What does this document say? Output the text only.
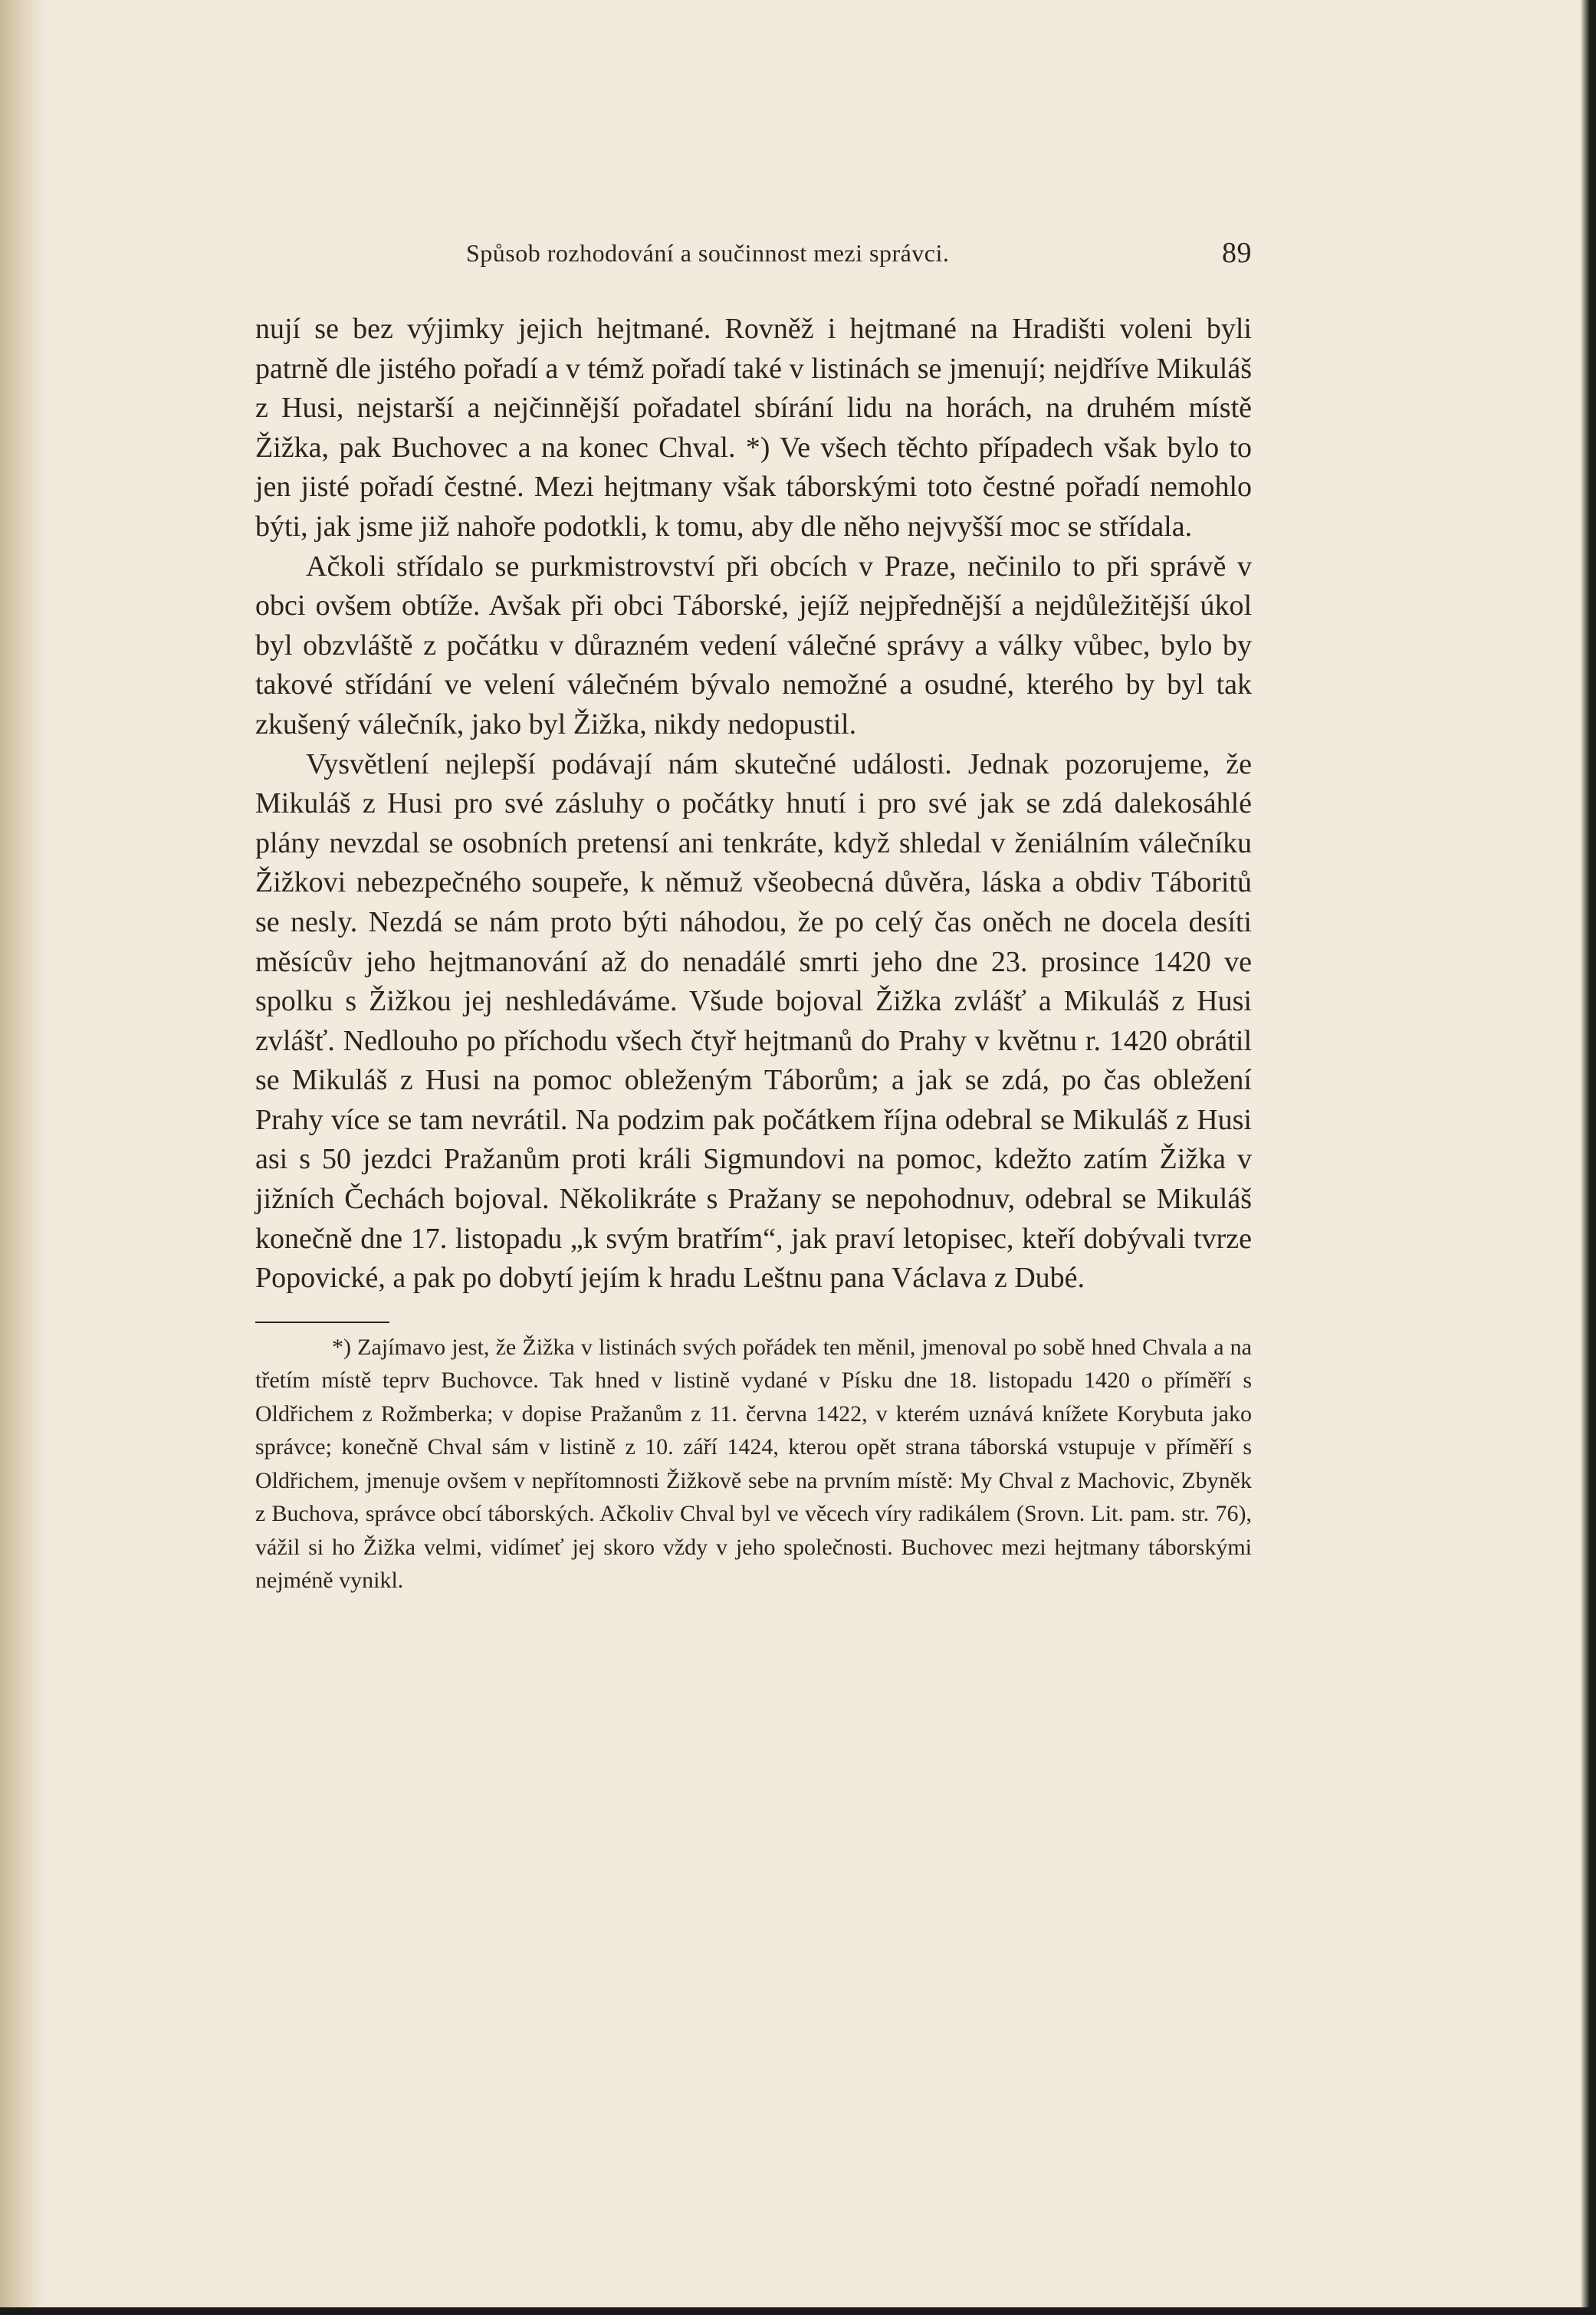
Spůsob rozhodování a součinnost mezi správci.	89

nují se bez výjimky jejich hejtmané. Rovněž i hejtmané na Hradišti voleni byli patrně dle jistého pořadí a v témž pořadí také v listinách se jmenují; nejdříve Mikuláš z Husi, nejstarší a nejčinnější pořadatel sbírání lidu na horách, na druhém místě Žižka, pak Buchovec a na konec Chval. *) Ve všech těchto případech však bylo to jen jisté pořadí čestné. Mezi hejtmany však táborskými toto čestné pořadí nemohlo býti, jak jsme již nahoře podotkli, k tomu, aby dle něho nejvyšší moc se střídala.

Ačkoli střídalo se purkmistrovství při obcích v Praze, nečinilo to při správě v obci ovšem obtíže. Avšak při obci Táborské, jejíž nejpřednější a nejdůležitější úkol byl obzvláště z počátku v důrazném vedení válečné správy a války vůbec, bylo by takové střídání ve velení válečném bývalo nemožné a osudné, kterého by byl tak zkušený válečník, jako byl Žižka, nikdy nedopustil.

Vysvětlení nejlepší podávají nám skutečné události. Jednak pozorujeme, že Mikuláš z Husi pro své zásluhy o počátky hnutí i pro své jak se zdá dalekosáhlé plány nevzdal se osobních pretensí ani tenkráte, když shledal v ženiálním válečníku Žižkovi nebezpečného soupeře, k němuž všeobecná důvěra, láska a obdiv Táboritů se nesly. Nezdá se nám proto býti náhodou, že po celý čas oněch ne docela desíti měsícův jeho hejtmanování až do nenadálé smrti jeho dne 23. prosince 1420 ve spolku s Žižkou jej neshledáváme. Všude bojoval Žižka zvlášť a Mikuláš z Husi zvlášť. Nedlouho po příchodu všech čtyř hejtmanů do Prahy v květnu r. 1420 obrátil se Mikuláš z Husi na pomoc obleženým Táborům; a jak se zdá, po čas obležení Prahy více se tam nevrátil. Na podzim pak počátkem října odebral se Mikuláš z Husi asi s 50 jezdci Pražanům proti králi Sigmundovi na pomoc, kdežto zatím Žižka v jižních Čechách bojoval. Několikráte s Pražany se nepohodnuv, odebral se Mikuláš konečně dne 17. listopadu „k svým bratřím“, jak praví letopisec, kteří dobývali tvrze Popovické, a pak po dobytí jejím k hradu Leštnu pana Václava z Dubé.

*) Zajímavo jest, že Žižka v listinách svých pořádek ten měnil, jmenoval po sobě hned Chvala a na třetím místě teprv Buchovce. Tak hned v listině vydané v Písku dne 18. listopadu 1420 o příměří s Oldřichem z Rožmberka; v dopise Pražanům z 11. června 1422, v kterém uznává knížete Korybuta jako správce; konečně Chval sám v listině z 10. září 1424, kterou opět strana táborská vstupuje v příměří s Oldřichem, jmenuje ovšem v nepřítomnosti Žižkově sebe na prvním místě: My Chval z Machovic, Zbyněk z Buchova, správce obcí táborských. Ačkoliv Chval byl ve věcech víry radikálem (Srovn. Lit. pam. str. 76), vážil si ho Žižka velmi, vidímeť jej skoro vždy v jeho společnosti. Buchovec mezi hejtmany táborskými nejméně vynikl.
